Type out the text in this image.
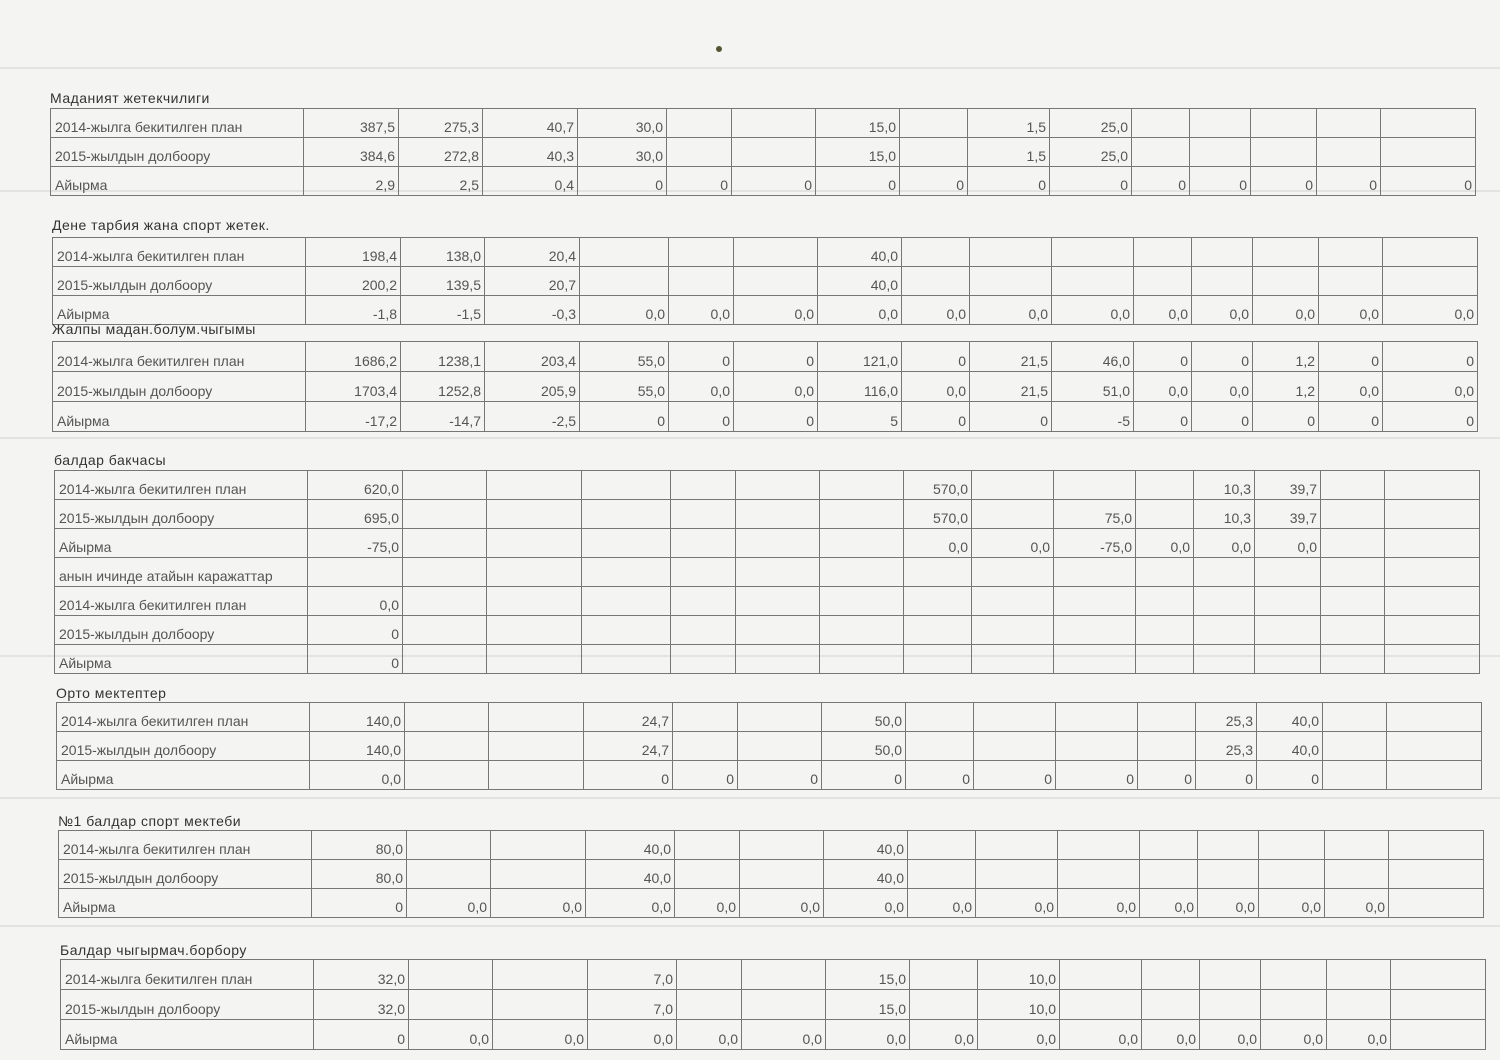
Маданият жетекчилиги
2014-жылга бекитилген план	387,5	275,3	40,7	30,0			15,0		1,5	25,0					
2015-жылдын долбоору	384,6	272,8	40,3	30,0			15,0		1,5	25,0					
Айырма	2,9	2,5	0,4	0	0	0	0	0	0	0	0	0	0	0	0
Дене тарбия жана спорт жетек.
2014-жылга бекитилген план	198,4	138,0	20,4				40,0								
2015-жылдын долбоору	200,2	139,5	20,7				40,0								
Айырма	-1,8	-1,5	-0,3	0,0	0,0	0,0	0,0	0,0	0,0	0,0	0,0	0,0	0,0	0,0	0,0
Жалпы мадан.болум.чыгымы
2014-жылга бекитилген план	1686,2	1238,1	203,4	55,0	0	0	121,0	0	21,5	46,0	0	0	1,2	0	0
2015-жылдын долбоору	1703,4	1252,8	205,9	55,0	0,0	0,0	116,0	0,0	21,5	51,0	0,0	0,0	1,2	0,0	0,0
Айырма	-17,2	-14,7	-2,5	0	0	0	5	0	0	-5	0	0	0	0	0
балдар бакчасы
2014-жылга бекитилген план	620,0							570,0				10,3	39,7		
2015-жылдын долбоору	695,0							570,0		75,0		10,3	39,7		
Айырма	-75,0							0,0	0,0	-75,0	0,0	0,0	0,0		
анын ичинде атайын каражаттар															
2014-жылга бекитилген план	0,0														
2015-жылдын долбоору	0														
Айырма	0														
Орто мектептер
2014-жылга бекитилген план	140,0			24,7			50,0					25,3	40,0		
2015-жылдын долбоору	140,0			24,7			50,0					25,3	40,0		
Айырма	0,0			0	0	0	0	0	0	0	0	0	0		
№1 балдар спорт мектеби
2014-жылга бекитилген план	80,0			40,0			40,0								
2015-жылдын долбоору	80,0			40,0			40,0								
Айырма	0	0,0	0,0	0,0	0,0	0,0	0,0	0,0	0,0	0,0	0,0	0,0	0,0	0,0	
Балдар чыгырмач.борбору
2014-жылга бекитилген план	32,0			7,0			15,0		10,0						
2015-жылдын долбоору	32,0			7,0			15,0		10,0						
Айырма	0	0,0	0,0	0,0	0,0	0,0	0,0	0,0	0,0	0,0	0,0	0,0	0,0	0,0	
